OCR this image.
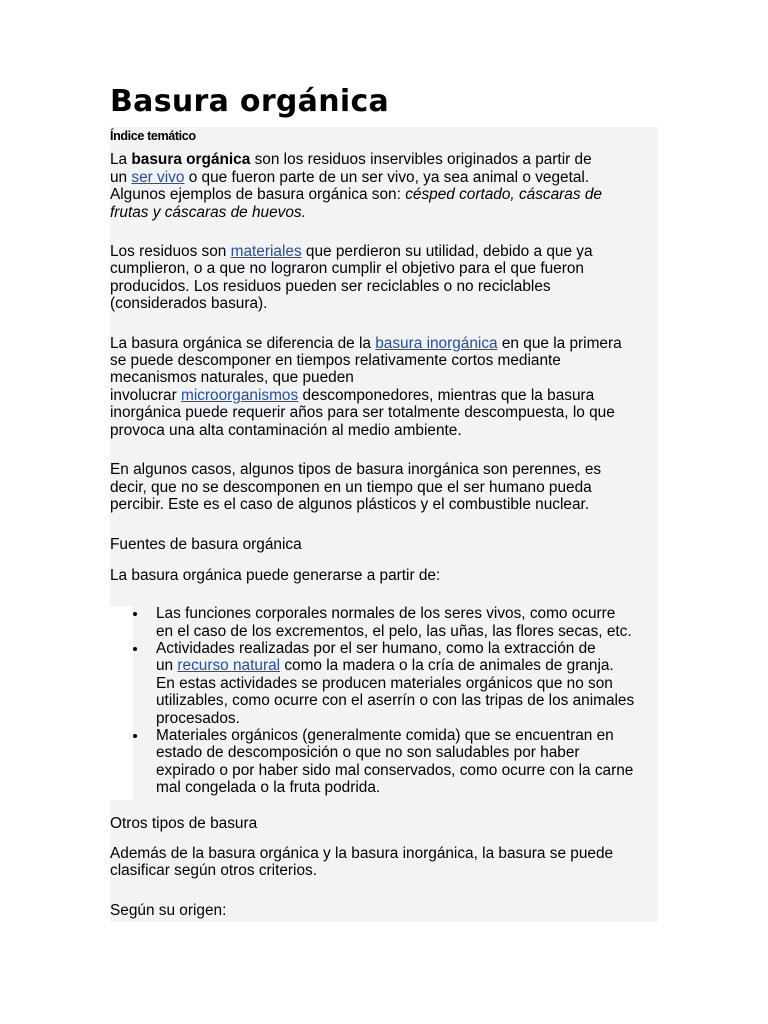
Basura orgánica
Índice temático

La basura orgánica son los residuos inservibles originados a partir de

un ser vivo o que fueron parte de un ser vivo, ya sea animal o vegetal.

Algunos ejemplos de basura orgánica son: césped cortado, cáscaras de

frutas y cáscaras de huevos.

Los residuos son materiales que perdieron su utilidad, debido a que ya

cumplieron, o a que no lograron cumplir el objetivo para el que fueron

producidos. Los residuos pueden ser reciclables o no reciclables

(considerados basura).

La basura orgánica se diferencia de la basura inorgánica en que la primera

se puede descomponer en tiempos relativamente cortos mediante

mecanismos naturales, que pueden

involucrar microorganismos descomponedores, mientras que la basura

inorgánica puede requerir años para ser totalmente descompuesta, lo que

provoca una alta contaminación al medio ambiente.

En algunos casos, algunos tipos de basura inorgánica son perennes, es

decir, que no se descomponen en un tiempo que el ser humano pueda

percibir. Este es el caso de algunos plásticos y el combustible nuclear.

Fuentes de basura orgánica

La basura orgánica puede generarse a partir de:

Las funciones corporales normales de los seres vivos, como ocurre
en el caso de los excrementos, el pelo, las uñas, las flores secas, etc.
Actividades realizadas por el ser humano, como la extracción de
un recurso natural como la madera o la cría de animales de granja.
En estas actividades se producen materiales orgánicos que no son
utilizables, como ocurre con el aserrín o con las tripas de los animales
procesados.
Materiales orgánicos (generalmente comida) que se encuentran en
estado de descomposición o que no son saludables por haber
expirado o por haber sido mal conservados, como ocurre con la carne
mal congelada o la fruta podrida.

Otros tipos de basura

Además de la basura orgánica y la basura inorgánica, la basura se puede

clasificar según otros criterios.

Según su origen:
